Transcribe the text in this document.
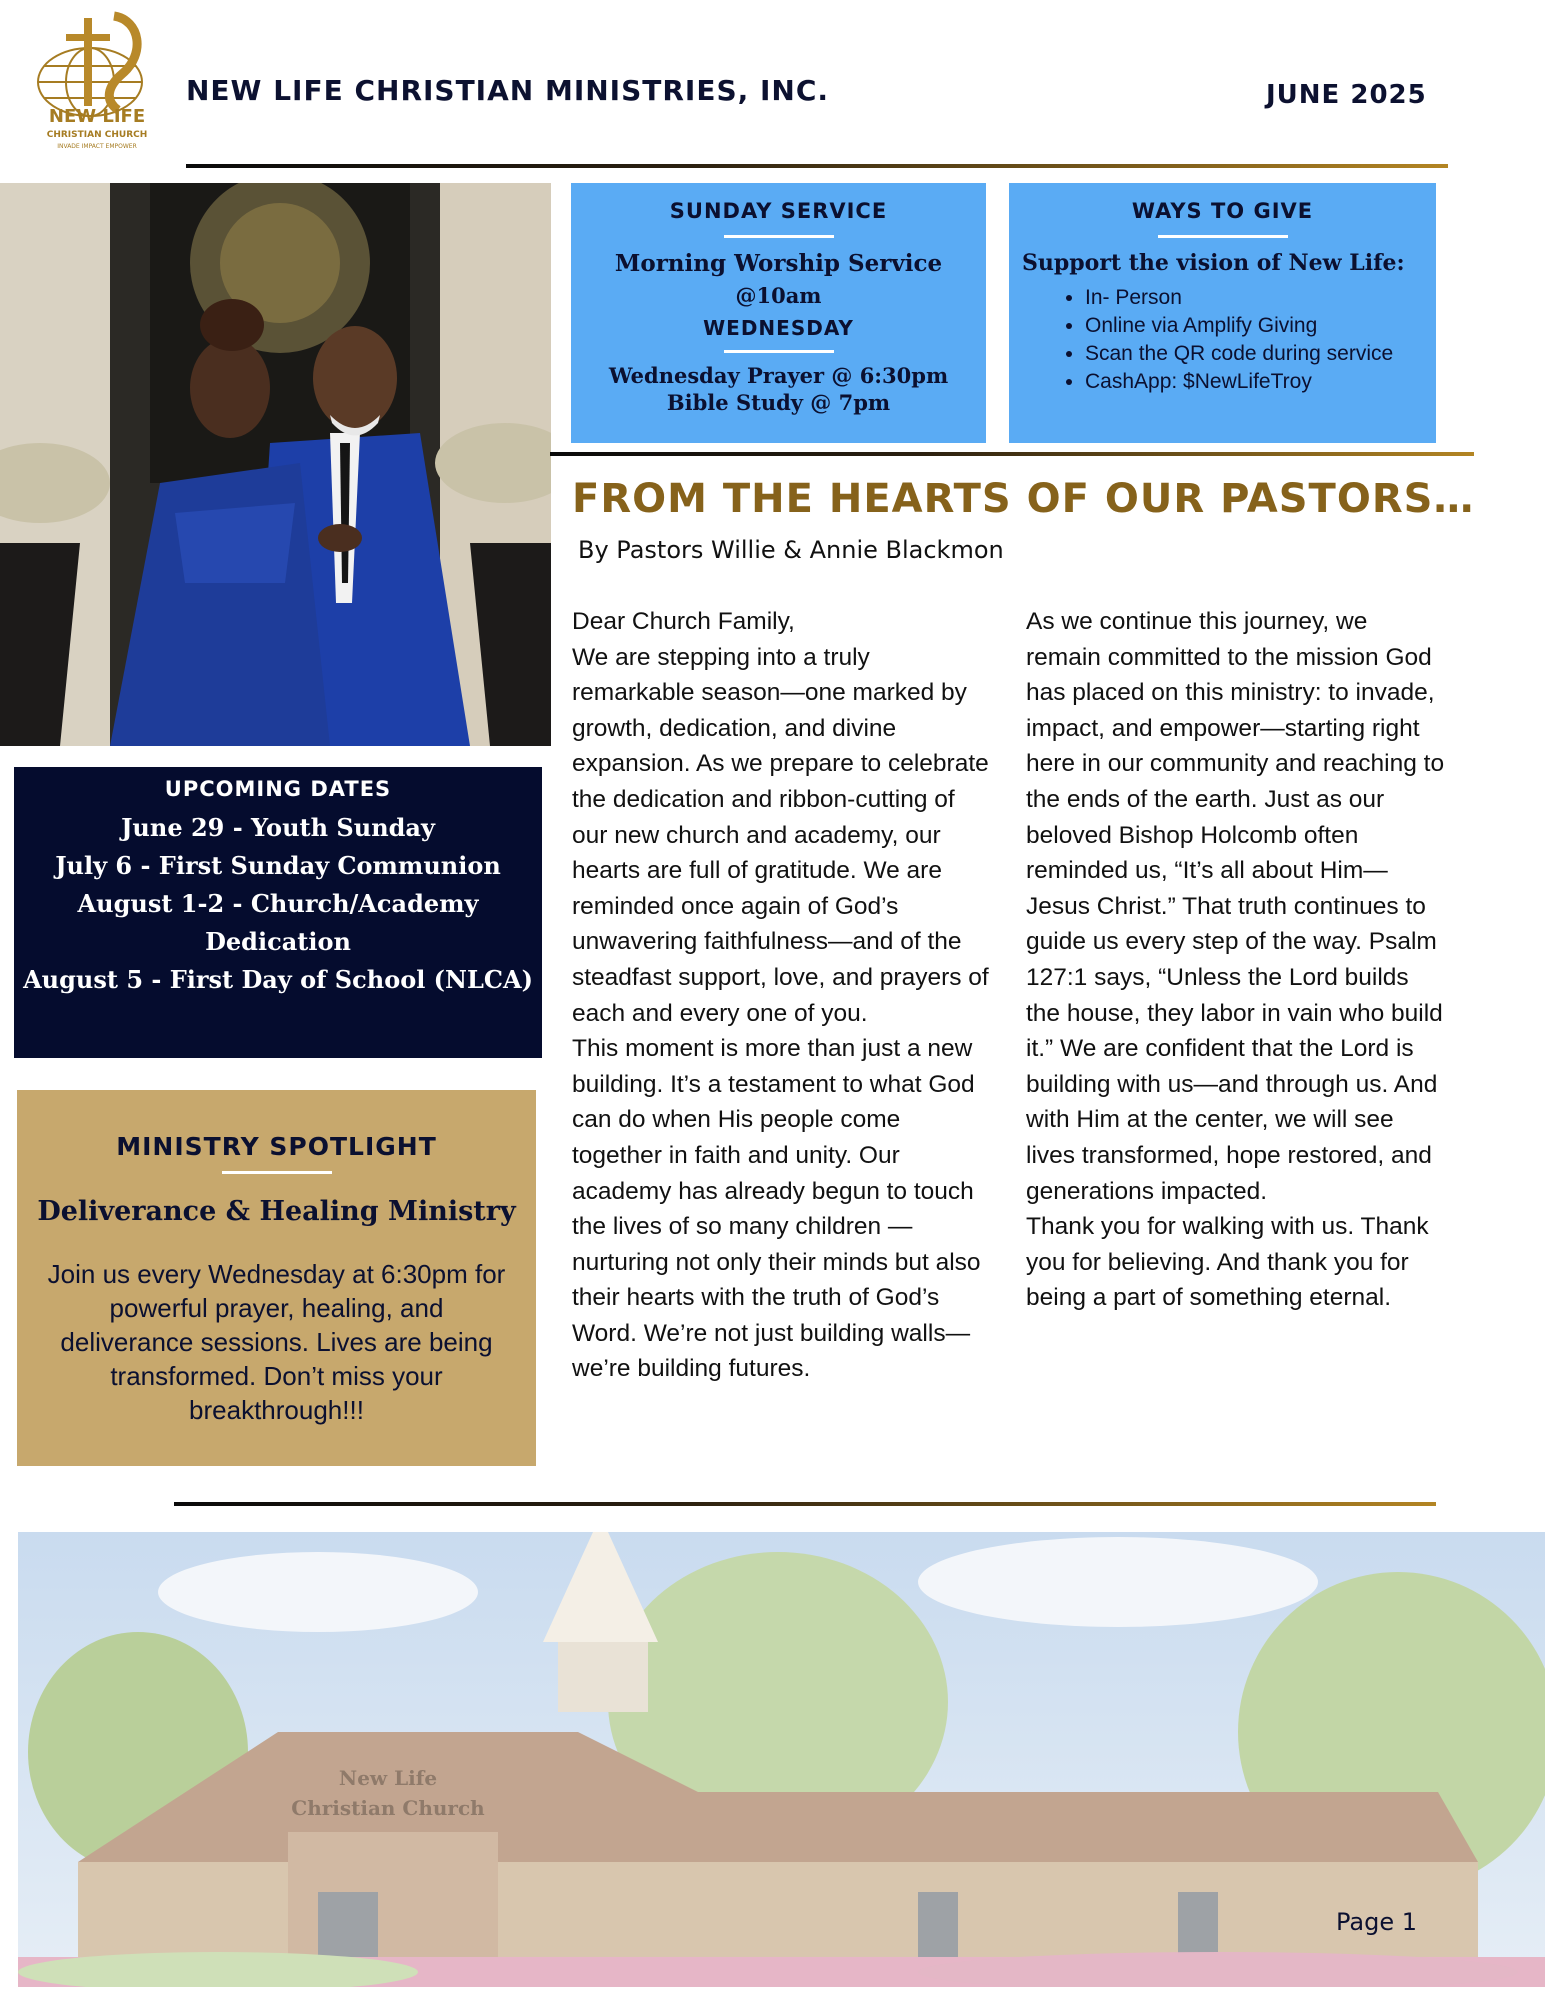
NEW LIFE
CHRISTIAN CHURCH
INVADE IMPACT EMPOWER
NEW LIFE CHRISTIAN MINISTRIES, INC.	JUNE 2025
SUNDAY SERVICE
Morning Worship Service
@10am
WEDNESDAY
Wednesday Prayer @ 6:30pm
Bible Study @ 7pm
WAYS TO GIVE
Support the vision of New Life:
• In- Person
• Online via Amplify Giving
• Scan the QR code during service
• CashApp: $NewLifeTroy
FROM THE HEARTS OF OUR PASTORS…
By Pastors Willie & Annie Blackmon

Dear Church Family,

We are stepping into a truly remarkable season—one marked by growth, dedication, and divine expansion. As we prepare to celebrate the dedication and ribbon-cutting of our new church and academy, our hearts are full of gratitude. We are reminded once again of God’s unwavering faithfulness—and of the steadfast support, love, and prayers of each and every one of you.

This moment is more than just a new building. It’s a testament to what God can do when His people come together in faith and unity. Our academy has already begun to touch the lives of so many children —nurturing not only their minds but also their hearts with the truth of God’s Word. We’re not just building walls—we’re building futures.

As we continue this journey, we remain committed to the mission God has placed on this ministry: to invade, impact, and empower—starting right here in our community and reaching to the ends of the earth. Just as our beloved Bishop Holcomb often reminded us, “It’s all about Him—Jesus Christ.” That truth continues to guide us every step of the way. Psalm 127:1 says, “Unless the Lord builds the house, they labor in vain who build it.” We are confident that the Lord is building with us—and through us. And with Him at the center, we will see lives transformed, hope restored, and generations impacted.

Thank you for walking with us. Thank you for believing. And thank you for being a part of something eternal.

UPCOMING DATES
June 29 - Youth Sunday
July 6 - First Sunday Communion
August 1-2 - Church/Academy Dedication
August 5 - First Day of School (NLCA)
MINISTRY SPOTLIGHT
Deliverance & Healing Ministry
Join us every Wednesday at 6:30pm for powerful prayer, healing, and deliverance sessions. Lives are being transformed. Don’t miss your breakthrough!!!
New Life
Christian Church
Page 1
